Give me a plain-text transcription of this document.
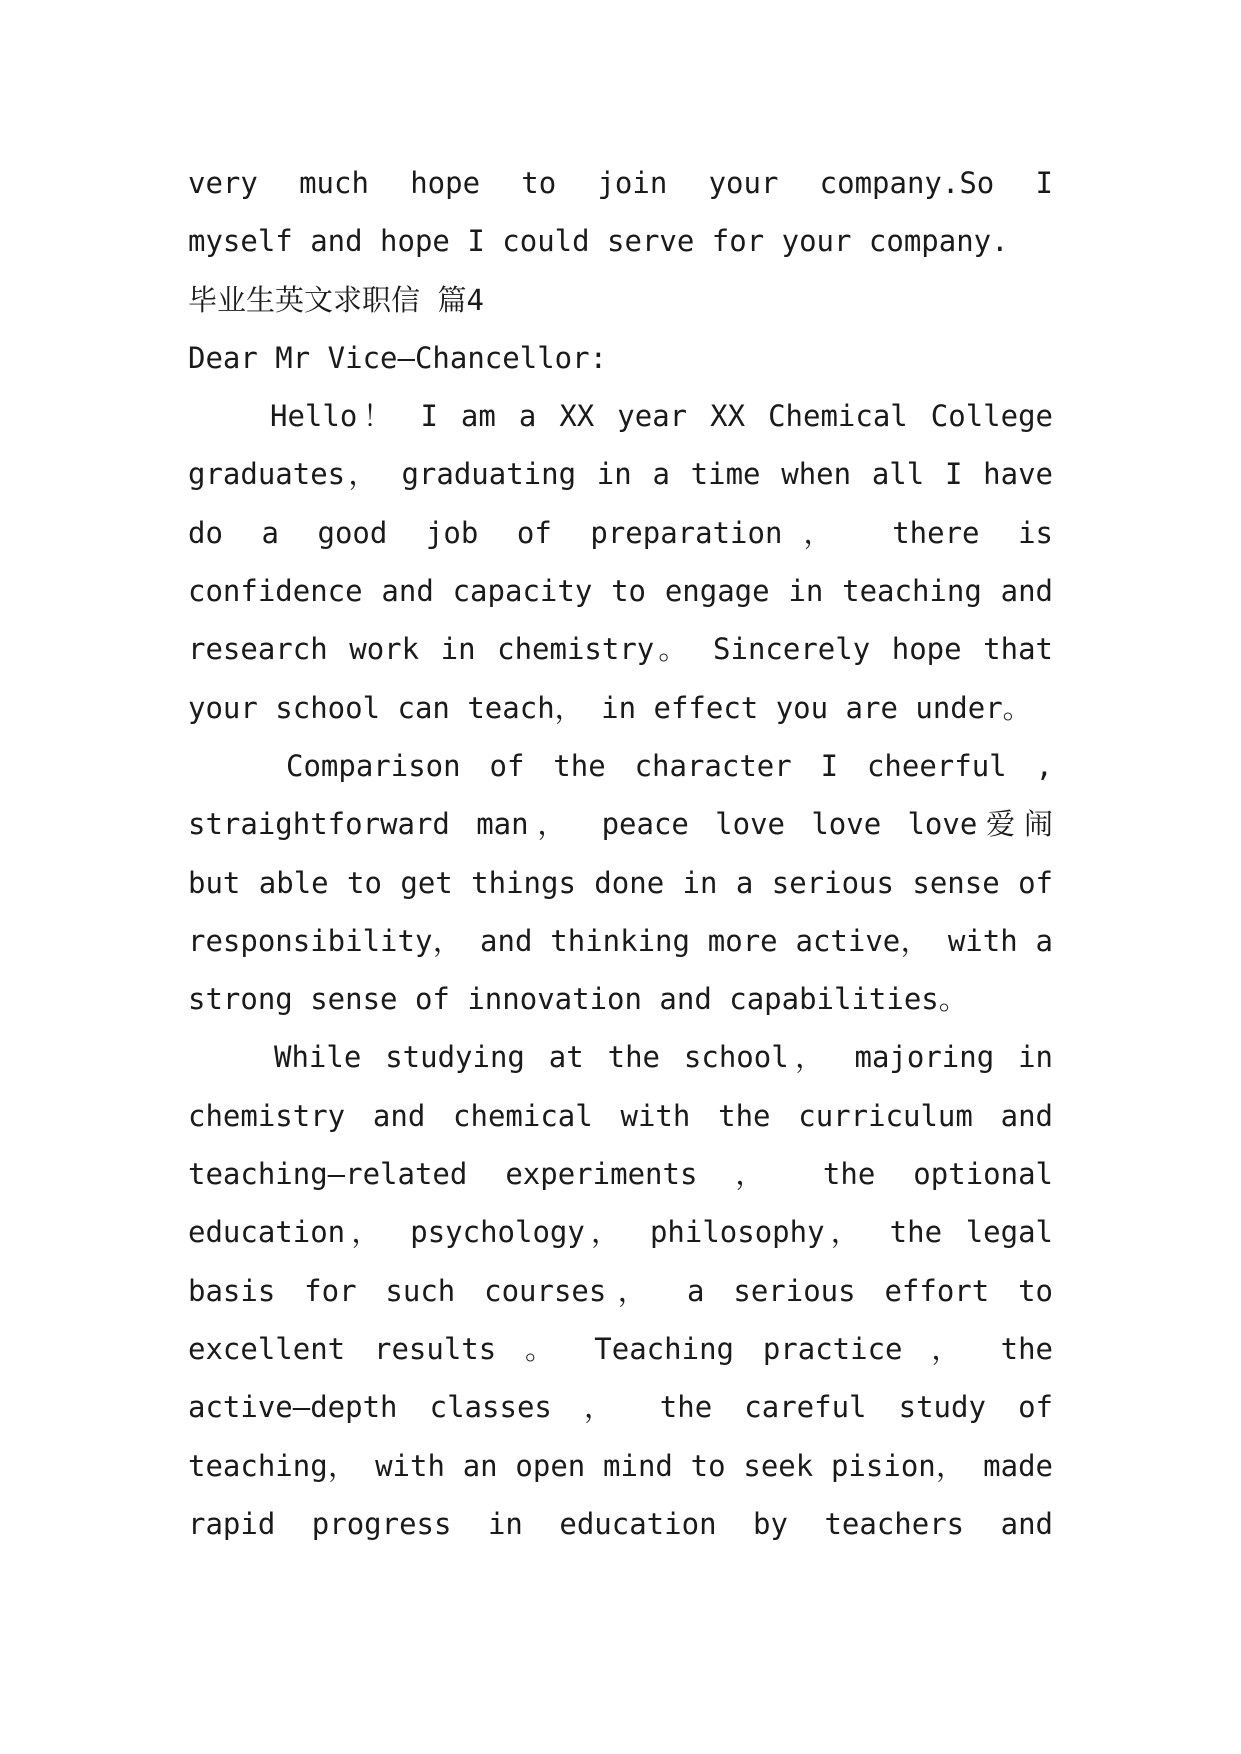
very much hope to join your company.So I
myself and hope I could serve for your company.
毕业生英文求职信 篇4
Dear Mr Vice—Chancellor:
Hello！ I am a XX year XX Chemical College
graduates， graduating in a time when all I have
do a good job of preparation， there is
confidence and capacity to engage in teaching and
research work in chemistry。 Sincerely hope that
your school can teach， in effect you are under。
Comparison of the character I cheerful ,
straightforward man， peace love love love爱闹
but able to get things done in a serious sense of
responsibility， and thinking more active， with a
strong sense of innovation and capabilities。
While studying at the school， majoring in
chemistry and chemical with the curriculum and
teaching—related experiments ， the optional
education， psychology， philosophy， the legal
basis for such courses， a serious effort to
excellent results 。 Teaching practice ， the
active—depth classes ， the careful study of
teaching， with an open mind to seek pision， made
rapid progress in education by teachers and
